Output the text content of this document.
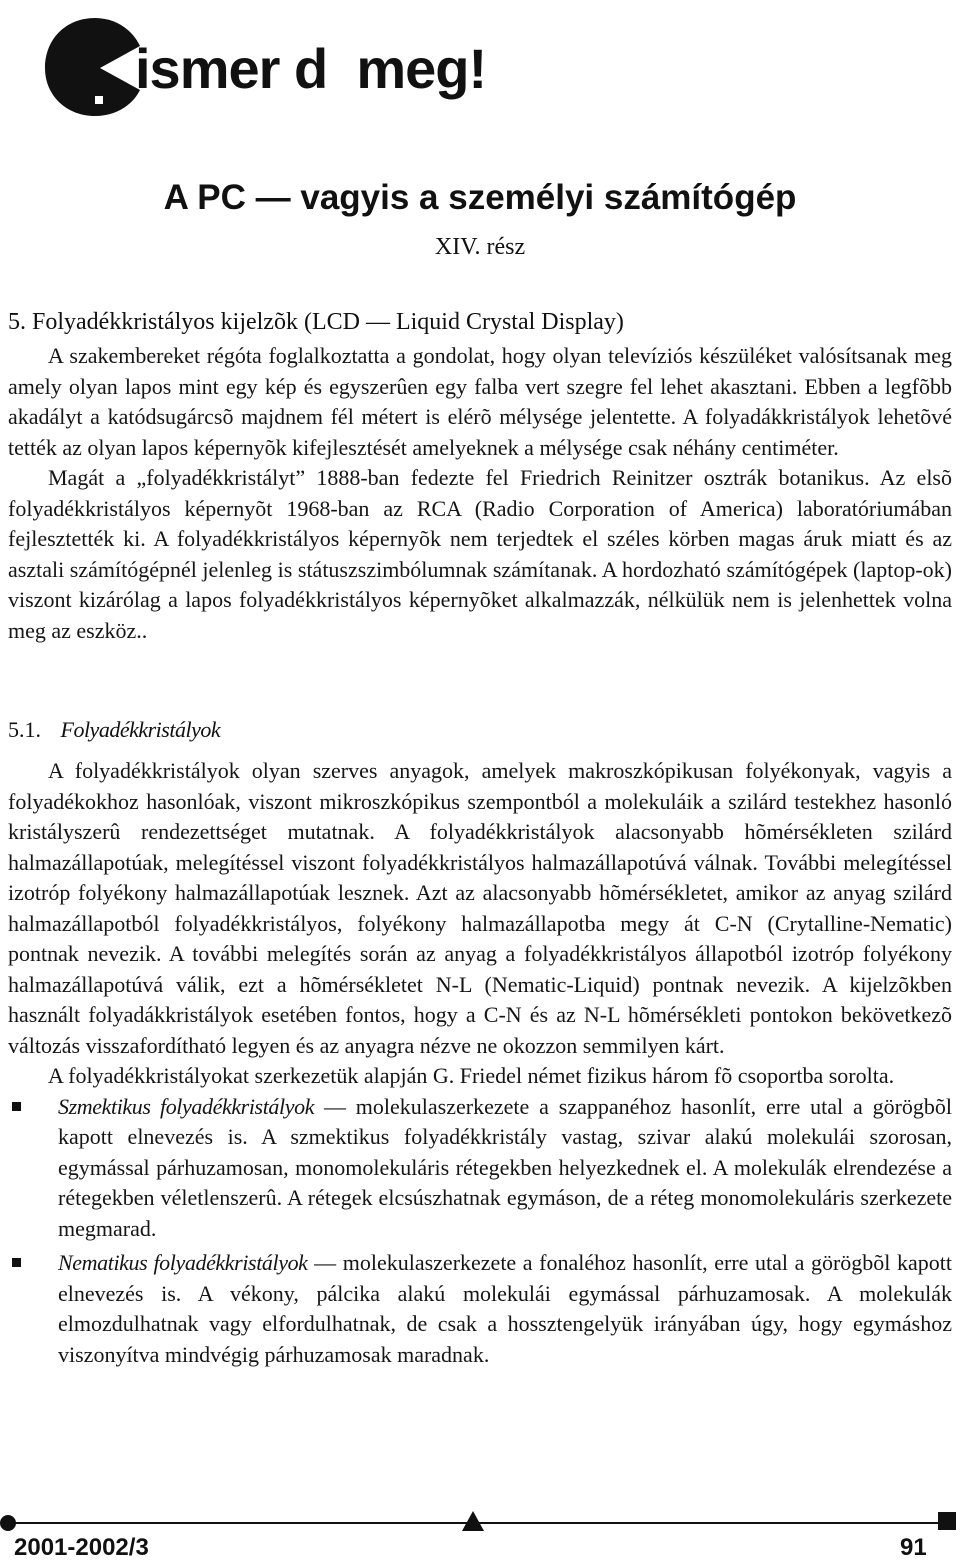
ismer d  meg!
A PC — vagyis a személyi számítógép
XIV. rész
5. Folyadékkristályos kijelzõk (LCD — Liquid Crystal Display)

A szakembereket régóta foglalkoztatta a gondolat, hogy olyan televíziós készüléket valósítsanak meg amely olyan lapos mint egy kép és egyszerûen egy falba vert szegre fel lehet akasztani. Ebben a legfõbb akadályt a katódsugárcsõ majdnem fél métert is elérõ mélysége jelentette. A folyadákkristályok lehetõvé tették az olyan lapos képernyõk kifejlesztését amelyeknek a mélysége csak néhány centiméter.

Magát a „folyadékkristályt” 1888-ban fedezte fel Friedrich Reinitzer osztrák botanikus. Az elsõ folyadékkristályos képernyõt 1968-ban az RCA (Radio Corporation of America) laboratóriumában fejlesztették ki. A folyadékkristályos képernyõk nem terjedtek el széles körben magas áruk miatt és az asztali számítógépnél jelenleg is státuszszimbólumnak számítanak. A hordozható számítógépek (laptop-ok) viszont kizárólag a lapos folyadékkristályos képernyõket alkalmazzák, nélkülük nem is jelenhettek volna meg az eszköz..

5.1. Folyadékkristályok

A folyadékkristályok olyan szerves anyagok, amelyek makroszkópikusan folyékonyak, vagyis a folyadékokhoz hasonlóak, viszont mikroszkópikus szempontból a molekuláik a szilárd testekhez hasonló kristályszerû rendezettséget mutatnak. A folyadékkristályok alacsonyabb hõmérsékleten szilárd halmazállapotúak, melegítéssel viszont folyadékkristályos halmazállapotúvá válnak. További melegítéssel izotróp folyékony halmazállapotúak lesznek. Azt az alacsonyabb hõmérsékletet, amikor az anyag szilárd halmazállapotból folyadékkristályos, folyékony halmazállapotba megy át C-N (Crytalline-Nematic) pontnak nevezik. A további melegítés során az anyag a folyadékkristályos állapotból izotróp folyékony halmazállapotúvá válik, ezt a hõmérsékletet N-L (Nematic-Liquid) pontnak nevezik. A kijelzõkben használt folyadákkristályok esetében fontos, hogy a C-N és az N-L hõmérsékleti pontokon bekövetkezõ változás visszafordítható legyen és az anyagra nézve ne okozzon semmilyen kárt.

A folyadékkristályokat szerkezetük alapján G. Friedel német fizikus három fõ csoportba sorolta.

Szmektikus folyadékkristályok — molekulaszerkezete a szappanéhoz hasonlít, erre utal a görögbõl kapott elnevezés is. A szmektikus folyadékkristály vastag, szivar alakú molekulái szorosan, egymással párhuzamosan, monomolekuláris rétegekben helyezkednek el. A molekulák elrendezése a rétegekben véletlenszerû. A rétegek elcsúszhatnak egymáson, de a réteg monomolekuláris szerkezete megmarad.
Nematikus folyadékkristályok — molekulaszerkezete a fonaléhoz hasonlít, erre utal a görögbõl kapott elnevezés is. A vékony, pálcika alakú molekulái egymással párhuzamosak. A molekulák elmozdulhatnak vagy elfordulhatnak, de csak a hossztengelyük irányában úgy, hogy egymáshoz viszonyítva mindvégig párhuzamosak maradnak.
2001-2002/3	91
